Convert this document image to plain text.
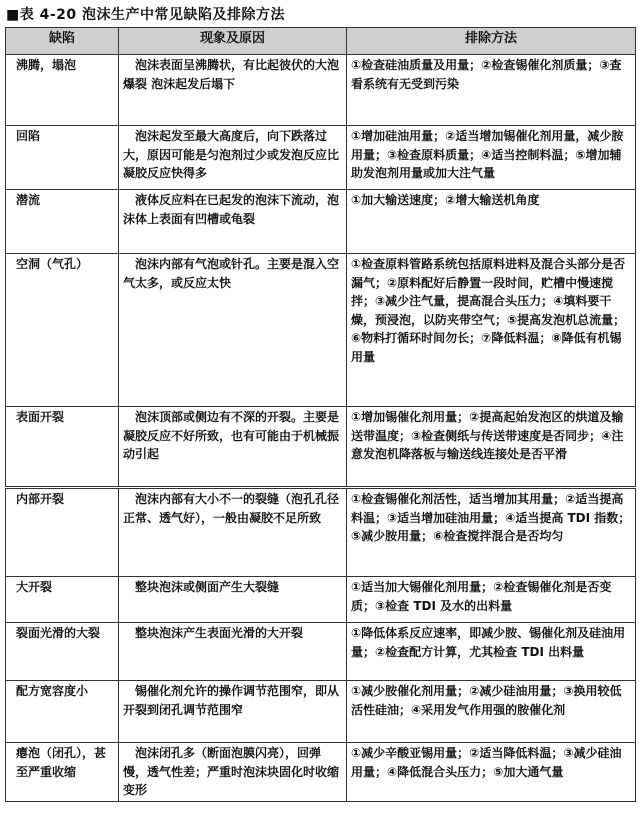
■表 4-20 泡沫生产中常见缺陷及排除方法
缺陷	现象及原因	排除方法
沸腾，塌泡	泡沫表面呈沸腾状，有比起彼伏的大泡爆裂 泡沫起发后塌下	①检查硅油质量及用量；②检查锡催化剂质量；③查看系统有无受到污染
回陷	泡沫起发至最大高度后，向下跌落过大，原因可能是匀泡剂过少或发泡反应比凝胶反应快得多	①增加硅油用量；②适当增加锡催化剂用量，减少胺用量；③检查原料质量；④适当控制料温；⑤增加辅助发泡剂用量或加大注气量
潜流	液体反应料在已起发的泡沫下流动，泡沫体上表面有凹槽或龟裂	①加大输送速度；②增大输送机角度
空洞（气孔）	泡沫内部有气泡或针孔。主要是混入空气太多，或反应太快	①检查原料管路系统包括原料进料及混合头部分是否漏气；②原料配好后静置一段时间，贮槽中慢速搅拌；③减少注气量，提高混合头压力；④填料要干燥，预浸泡，以防夹带空气；⑤提高发泡机总流量；⑥物料打循环时间勿长；⑦降低料温；⑧降低有机锡用量
表面开裂	泡沫顶部或侧边有不深的开裂。主要是凝胶反应不好所致，也有可能由于机械振动引起	①增加锡催化剂用量；②提高起始发泡区的烘道及输送带温度；③检查侧纸与传送带速度是否同步；④注意发泡机降落板与输送线连接处是否平滑
内部开裂	泡沫内部有大小不一的裂缝（泡孔孔径正常、透气好），一般由凝胶不足所致	①检查锡催化剂活性，适当增加其用量；②适当提高料温；③适当增加硅油用量；④适当提高 TDI 指数；⑤减少胺用量；⑥检查搅拌混合是否均匀
大开裂	整块泡沫或侧面产生大裂缝	①适当加大锡催化剂用量；②检查锡催化剂是否变质；③检查 TDI 及水的出料量
裂面光滑的大裂	整块泡沫产生表面光滑的大开裂	①降低体系反应速率，即减少胺、锡催化剂及硅油用量；②检查配方计算，尤其检查 TDI 出料量
配方宽容度小	锡催化剂允许的操作调节范围窄，即从开裂到闭孔调节范围窄	①减少胺催化剂用量；②减少硅油用量；③换用较低活性硅油；④采用发气作用强的胺催化剂
瘪泡（闭孔），甚至严重收缩	泡沫闭孔多（断面泡膜闪亮），回弹慢，透气性差；严重时泡沫块固化时收缩变形	①减少辛酸亚锡用量；②适当降低料温；③减少硅油用量；④降低混合头压力；⑤加大通气量
